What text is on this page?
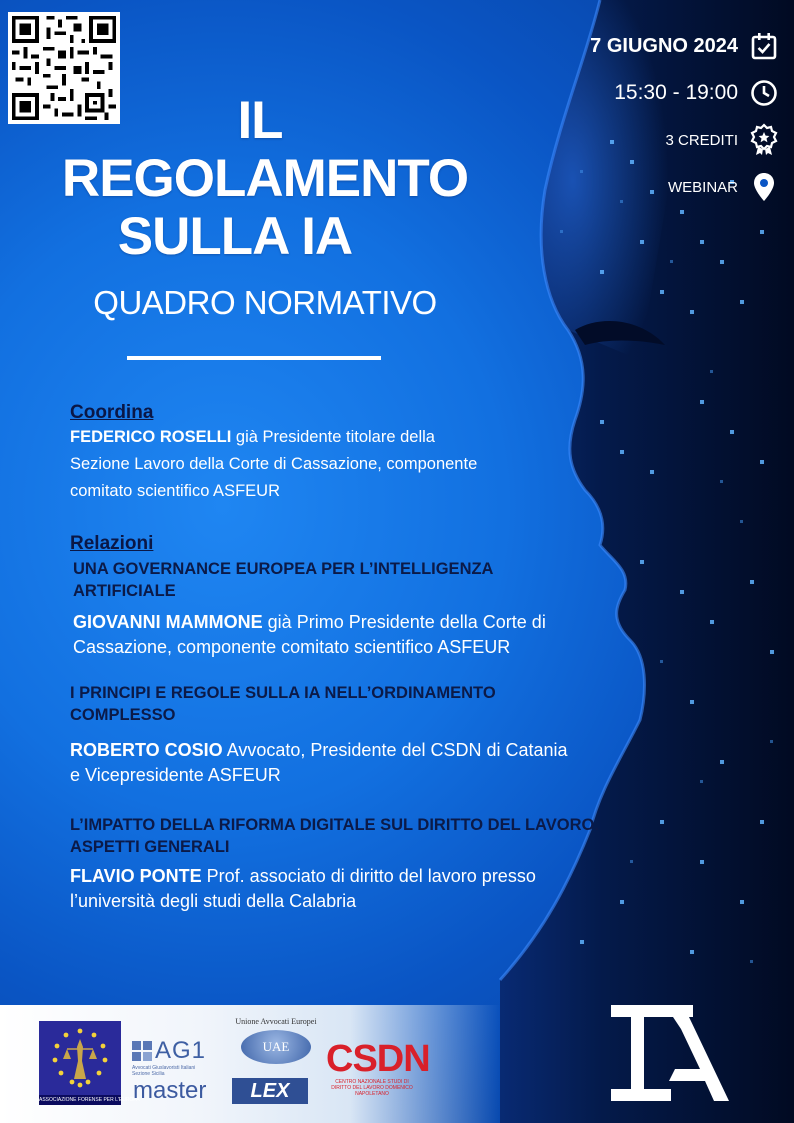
7 GIUGNO 2024
15:30 - 19:00
3 CREDITI
WEBINAR
IL
REGOLAMENTO
SULLA IA
QUADRO NORMATIVO

Coordina

FEDERICO ROSELLI già Presidente titolare della Sezione Lavoro della Corte di Cassazione, componente comitato scientifico ASFEUR

Relazioni

UNA GOVERNANCE EUROPEA PER L’INTELLIGENZA ARTIFICIALE

GIOVANNI MAMMONE già Primo Presidente della Corte di Cassazione, componente comitato scientifico ASFEUR

I PRINCIPI E REGOLE SULLA IA NELL’ORDINAMENTO COMPLESSO

ROBERTO COSIO Avvocato, Presidente del CSDN di Catania e Vicepresidente ASFEUR

L’IMPATTO DELLA RIFORMA DIGITALE SUL DIRITTO DEL LAVORO. ASPETTI GENERALI

FLAVIO PONTE Prof. associato di diritto del lavoro presso l’università degli studi della Calabria

ASSOCIAZIONE FORENSE PER L'EUROPA
AG1
Avvocati Giuslavoristi Italiani Sezione Sicilia
Unione Avvocati Europei
UAE
master	LEX
CSDN
CENTRO NAZIONALE STUDI DI DIRITTO DEL LAVORO DOMENICO NAPOLETANO
